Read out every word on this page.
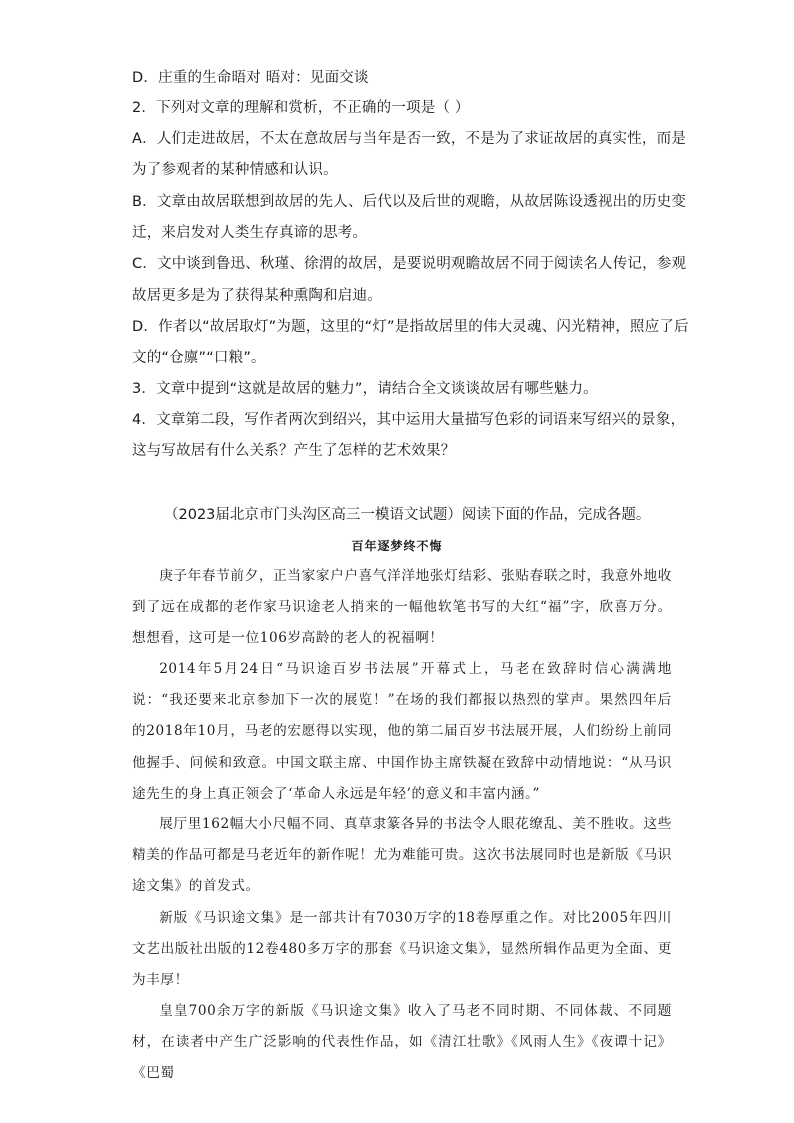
D．庄重的生命晤对 晤对：见面交谈
2．下列对文章的理解和赏析，不正确的一项是（ ）
A．人们走进故居，不太在意故居与当年是否一致，不是为了求证故居的真实性，而是
为了参观者的某种情感和认识。
B．文章由故居联想到故居的先人、后代以及后世的观瞻，从故居陈设透视出的历史变
迁，来启发对人类生存真谛的思考。
C．文中谈到鲁迅、秋瑾、徐渭的故居，是要说明观瞻故居不同于阅读名人传记，参观
故居更多是为了获得某种熏陶和启迪。
D．作者以“故居取灯”为题，这里的“灯”是指故居里的伟大灵魂、闪光精神，照应了后
文的“仓廪”“口粮”。
3．文章中提到“这就是故居的魅力”，请结合全文谈谈故居有哪些魅力。
4．文章第二段，写作者两次到绍兴，其中运用大量描写色彩的词语来写绍兴的景象，
这与写故居有什么关系？产生了怎样的艺术效果？
（2023届北京市门头沟区高三一模语文试题）阅读下面的作品，完成各题。
百年逐梦终不悔

庚子年春节前夕，正当家家户户喜气洋洋地张灯结彩、张贴春联之时，我意外地收到了远在成都的老作家马识途老人捎来的一幅他软笔书写的大红“福”字，欣喜万分。想想看，这可是一位106岁高龄的老人的祝福啊！

2014年5月24日“马识途百岁书法展”开幕式上，马老在致辞时信心满满地说：“我还要来北京参加下一次的展览！”在场的我们都报以热烈的掌声。果然四年后的2018年10月，马老的宏愿得以实现，他的第二届百岁书法展开展，人们纷纷上前同他握手、问候和致意。中国文联主席、中国作协主席铁凝在致辞中动情地说：“从马识途先生的身上真正领会了‘革命人永远是年轻’的意义和丰富内涵。”

展厅里162幅大小尺幅不同、真草隶篆各异的书法令人眼花缭乱、美不胜收。这些精美的作品可都是马老近年的新作呢！尤为难能可贵。这次书法展同时也是新版《马识途文集》的首发式。

新版《马识途文集》是一部共计有7030万字的18卷厚重之作。对比2005年四川文艺出版社出版的12卷480多万字的那套《马识途文集》，显然所辑作品更为全面、更为丰厚！

皇皇700余万字的新版《马识途文集》收入了马老不同时期、不同体裁、不同题材，在读者中产生广泛影响的代表性作品，如《清江壮歌》《风雨人生》《夜谭十记》《巴蜀
